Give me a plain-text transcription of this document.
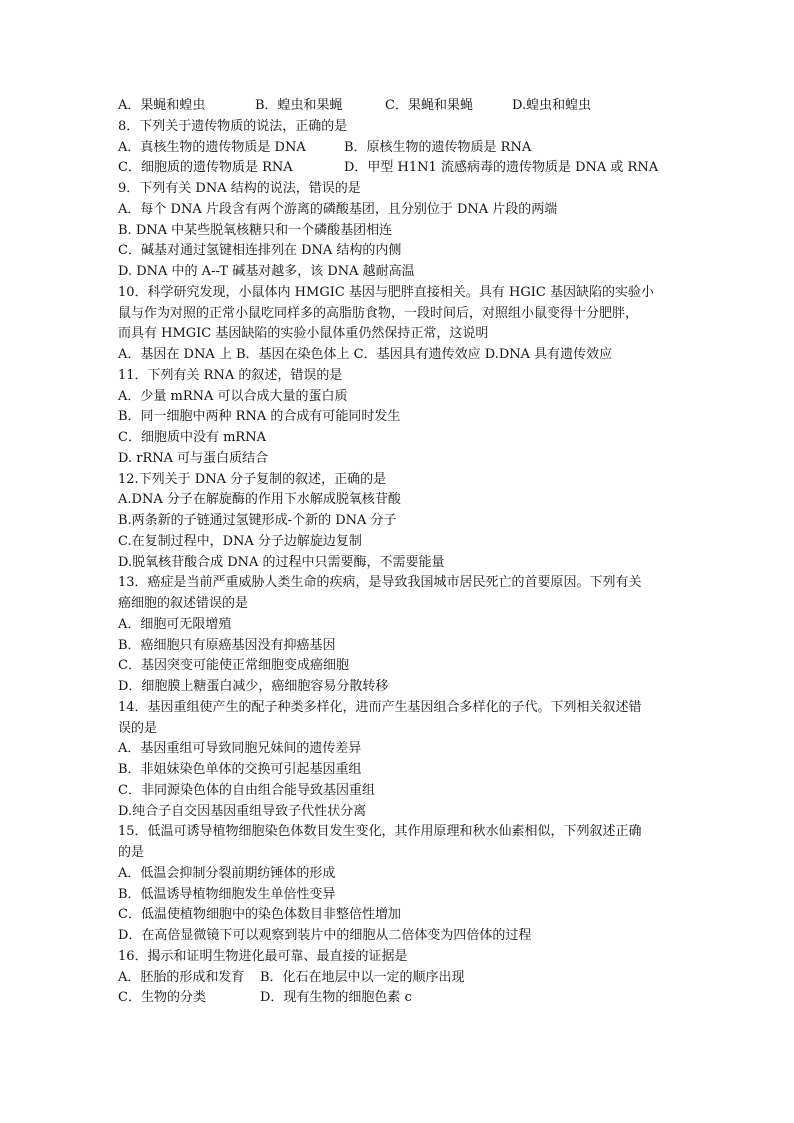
A．果蝇和蝗虫	B．蝗虫和果蝇	C．果蝇和果蝇	D.蝗虫和蝗虫
8．下列关于遗传物质的说法，正确的是
A．真核生物的遗传物质是 DNA	B．原核生物的遗传物质是 RNA
C．细胞质的遗传物质是 RNA	D．甲型 H1N1 流感病毒的遗传物质是 DNA 或 RNA
9．下列有关 DNA 结构的说法，错误的是
A．每个 DNA 片段含有两个游离的磷酸基团，且分别位于 DNA 片段的两端
B. DNA 中某些脱氧核糖只和一个磷酸基团相连
C．碱基对通过氢键相连排列在 DNA 结构的内侧
D. DNA 中的 A--T 碱基对越多，该 DNA 越耐高温
10．科学研究发现，小鼠体内 HMGIC 基因与肥胖直接相关。具有 HGIC 基因缺陷的实验小
鼠与作为对照的正常小鼠吃同样多的高脂肪食物，一段时间后，对照组小鼠变得十分肥胖，
而具有 HMGIC 基因缺陷的实验小鼠体重仍然保持正常，这说明
A．基因在 DNA 上 B．基因在染色体上 C．基因具有遗传效应 D.DNA 具有遗传效应
11．下列有关 RNA 的叙述，错误的是
A．少量 mRNA 可以合成大量的蛋白质
B．同一细胞中两种 RNA 的合成有可能同时发生
C．细胞质中没有 mRNA
D. rRNA 可与蛋白质结合
12.下列关于 DNA 分子复制的叙述，正确的是
A.DNA 分子在解旋酶的作用下水解成脱氧核苷酸
B.两条新的子链通过氢键形成-个新的 DNA 分子
C.在复制过程中，DNA 分子边解旋边复制
D.脱氧核苷酸合成 DNA 的过程中只需要酶，不需要能量
13．癌症是当前严重威胁人类生命的疾病，是导致我国城市居民死亡的首要原因。下列有关
癌细胞的叙述错误的是
A．细胞可无限增殖
B．癌细胞只有原癌基因没有抑癌基因
C．基因突变可能使正常细胞变成癌细胞
D．细胞膜上糖蛋白减少，癌细胞容易分散转移
14．基因重组使产生的配子种类多样化，进而产生基因组合多样化的子代。下列相关叙述错
误的是
A．基因重组可导致同胞兄妹间的遗传差异
B．非姐妹染色单体的交换可引起基因重组
C．非同源染色体的自由组合能导致基因重组
D.纯合子自交因基因重组导致子代性状分离
15．低温可诱导植物细胞染色体数目发生变化，其作用原理和秋水仙素相似，下列叙述正确
的是
A．低温会抑制分裂前期纺锤体的形成
B．低温诱导植物细胞发生单倍性变异
C．低温使植物细胞中的染色体数目非整倍性增加
D．在高倍显微镜下可以观察到装片中的细胞从二倍体变为四倍体的过程
16．揭示和证明生物进化最可靠、最直接的证据是
A．胚胎的形成和发育	B．化石在地层中以一定的顺序出现
C．生物的分类	D．现有生物的细胞色素 c
